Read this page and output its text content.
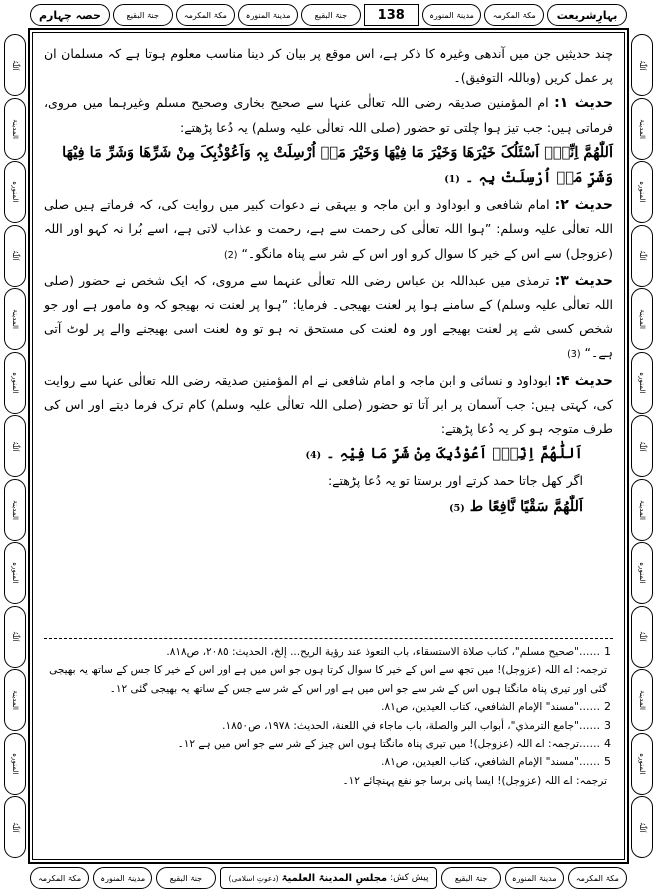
بہارِشریعت
مکۃ المکرمہ
مدینۃ المنورہ
138
جنۃ البقیع
مدینۃ المنورہ
مکۃ المکرمہ
جنۃ البقیع
حصہ چہارم
اَللّٰہُ
المدینۃ
المنورہ
اَللّٰہُ
المدینۃ
المنورہ
اَللّٰہُ
المدینۃ
المنورہ
اَللّٰہُ
المدینۃ
المنورہ
اَللّٰہُ
اَللّٰہُ
المدینۃ
المنورہ
اَللّٰہُ
المدینۃ
المنورہ
اَللّٰہُ
المدینۃ
المنورہ
اَللّٰہُ
المدینۃ
المنورہ
اَللّٰہُ

چند حدیثیں جن میں آندھی وغیرہ کا ذکر ہے، اس موقع پر بیان کر دینا مناسب معلوم ہوتا ہے کہ مسلمان ان پر عمل کریں (وباللہ التوفیق)۔

حدیث ۱: ام المؤمنین صدیقہ رضی اللہ تعالٰی عنہا سے صحیح بخاری وصحیح مسلم وغیرہما میں مروی، فرماتی ہیں: جب تیز ہوا چلتی تو حضور (صلی اللہ تعالٰی علیہ وسلم) یہ دُعا پڑھتے:

اَللّٰھُمَّ اِنِّیْۤ اَسْئَلُکَ خَیْرَھَا وَخَیْرَ مَا فِیْھَا وَخَیْرَ مَاۤ اُرْسِلَتْ بِہٖ وَاَعُوْذُبِکَ مِنْ شَرِّھَا وَشَرِّ مَا فِیْھَا

وَشَرِّ مَاۤ اُرْسِلَتْ بِہٖ ۔ (1)

حدیث ۲: امام شافعی و ابوداود و ابن ماجہ و بیہقی نے دعوات کبیر میں روایت کی، کہ فرماتے ہیں صلی اللہ تعالٰی علیہ وسلم: ”ہوا اللہ تعالٰی کی رحمت سے ہے، رحمت و عذاب لاتی ہے، اسے بُرا نہ کہو اور اللہ (عزوجل) سے اس کے خیر کا سوال کرو اور اس کے شر سے پناہ مانگو۔“ (2)

حدیث ۳: ترمذی میں عبداللہ بن عباس رضی اللہ تعالٰی عنہما سے مروی، کہ ایک شخص نے حضور (صلی اللہ تعالٰی علیہ وسلم) کے سامنے ہوا پر لعنت بھیجی۔ فرمایا: ”ہوا پر لعنت نہ بھیجو کہ وہ مامور ہے اور جو شخص کسی شے پر لعنت بھیجے اور وہ لعنت کی مستحق نہ ہو تو وہ لعنت اسی بھیجنے والے پر لوٹ آتی ہے۔“ (3)

حدیث ۴: ابوداود و نسائی و ابن ماجہ و امام شافعی نے ام المؤمنین صدیقہ رضی اللہ تعالٰی عنہا سے روایت کی، کہتی ہیں: جب آسمان پر ابر آتا تو حضور (صلی اللہ تعالٰی علیہ وسلم) کام ترک فرما دیتے اور اس کی طرف متوجہ ہو کر یہ دُعا پڑھتے:

اَللّٰھُمَّ اِنِّیْۤ اَعُوْذُبِکَ مِنْ شَرِّ مَا فِیْہِ ۔ (4)

اگر کھل جاتا حمد کرتے اور برستا تو یہ دُعا پڑھتے:

اَللّٰھُمَّ سَقْیًا نَّافِعًا ط (5)

1
……"صحيح مسلم"، كتاب صلاة الاستسقاء، باب التعوذ عند رؤية الريح... إلخ، الحديث: ٢٠٨٥، ص٨١٨.
ترجمہ: اے اللہ (عزوجل)! میں تجھ سے اس کے خیر کا سوال کرتا ہوں جو اس میں ہے اور اس کے خیر کا جس کے ساتھ یہ بھیجی گئی اور تیری پناہ مانگتا ہوں اس کے شر سے جو اس میں ہے اور اس کے شر سے جس کے ساتھ یہ بھیجی گئی ۱۲۔
2
……"مسند" الإمام الشافعي، كتاب العيدين، ص٨١.
3
……"جامع الترمذي"، أبواب البر والصلة، باب ماجاء في اللعنة، الحديث: ١٩٧٨، ص١٨٥٠.
4
……ترجمہ: اے اللہ (عزوجل)! میں تیری پناہ مانگتا ہوں اس چیز کے شر سے جو اس میں ہے ۱۲۔
5
……"مسند" الإمام الشافعي، كتاب العيدين، ص٨١.
ترجمہ: اے اللہ (عزوجل)! ایسا پانی برسا جو نفع پہنچائے ۱۲۔
مکۃ المکرمہ
مدینۃ المنورہ
جنۃ البقیع
پیش کش:
مجلسِ المدینۃ العلمیۃ
(دعوتِ اسلامی)
جنۃ البقیع
مدینۃ المنورہ
مکۃ المکرمہ
